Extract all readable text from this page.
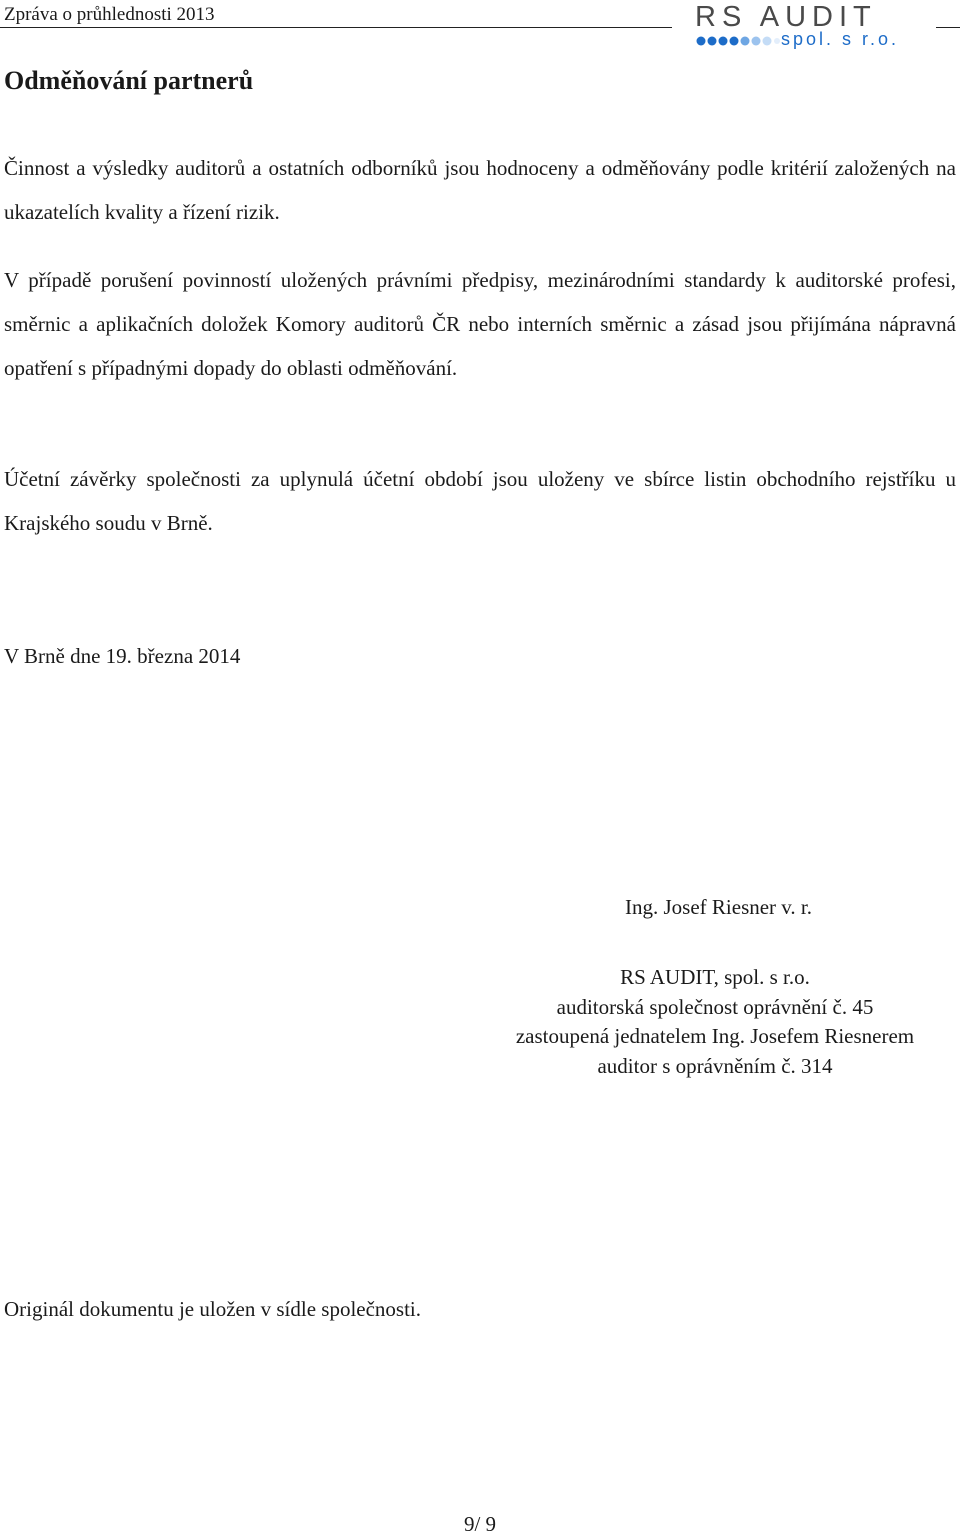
Zpráva o průhlednosti 2013	RS AUDIT
spol. s r.o.
Odměňování partnerů

Činnost a výsledky auditorů a ostatních odborníků jsou hodnoceny a odměňovány podle kritérií založených na ukazatelích kvality a řízení rizik.

V případě porušení povinností uložených právními předpisy, mezinárodními standardy k auditorské profesi, směrnic a aplikačních doložek Komory auditorů ČR nebo interních směrnic a zásad jsou přijímána nápravná opatření s případnými dopady do oblasti odměňování.

Účetní závěrky společnosti za uplynulá účetní období jsou uloženy ve sbírce listin obchodního rejstříku u Krajského soudu v Brně.

V Brně dne 19. března 2014

Ing. Josef Riesner v. r.

RS AUDIT, spol. s r.o.
auditorská společnost oprávnění č. 45
zastoupená jednatelem Ing. Josefem Riesnerem
auditor s oprávněním č. 314

Originál dokumentu je uložen v sídle společnosti.

9/ 9
